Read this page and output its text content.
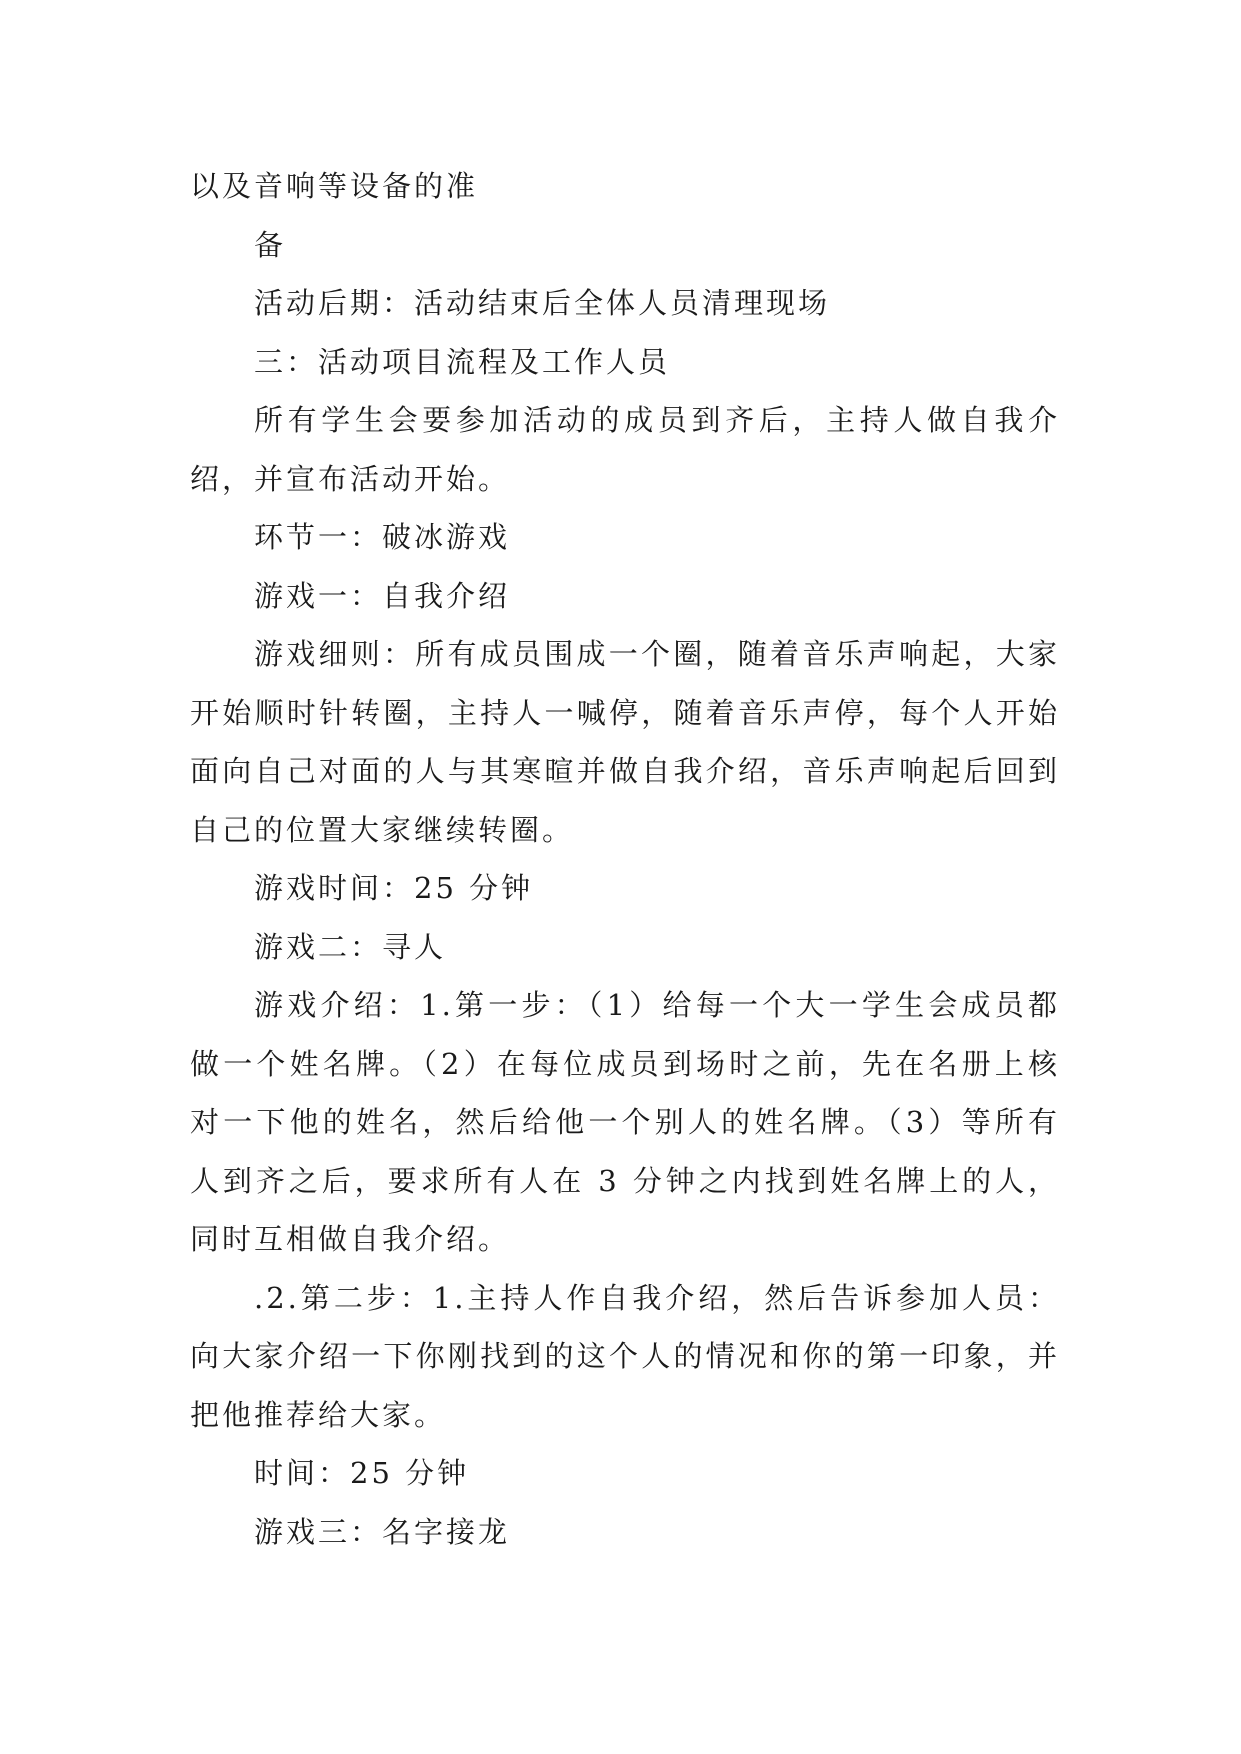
以及音响等设备的准

备

活动后期：活动结束后全体人员清理现场

三：活动项目流程及工作人员

所有学生会要参加活动的成员到齐后，主持人做自我介绍，并宣布活动开始。

环节一：破冰游戏

游戏一：自我介绍

游戏细则：所有成员围成一个圈，随着音乐声响起，大家开始顺时针转圈，主持人一喊停，随着音乐声停，每个人开始面向自己对面的人与其寒暄并做自我介绍，音乐声响起后回到自己的位置大家继续转圈。

游戏时间：25 分钟

游戏二：寻人

游戏介绍：1.第一步：（1）给每一个大一学生会成员都做一个姓名牌。（2）在每位成员到场时之前，先在名册上核对一下他的姓名，然后给他一个别人的姓名牌。（3）等所有人到齐之后，要求所有人在 3 分钟之内找到姓名牌上的人，同时互相做自我介绍。

.2.第二步：1.主持人作自我介绍，然后告诉参加人员：向大家介绍一下你刚找到的这个人的情况和你的第一印象，并把他推荐给大家。

时间：25 分钟

游戏三：名字接龙
